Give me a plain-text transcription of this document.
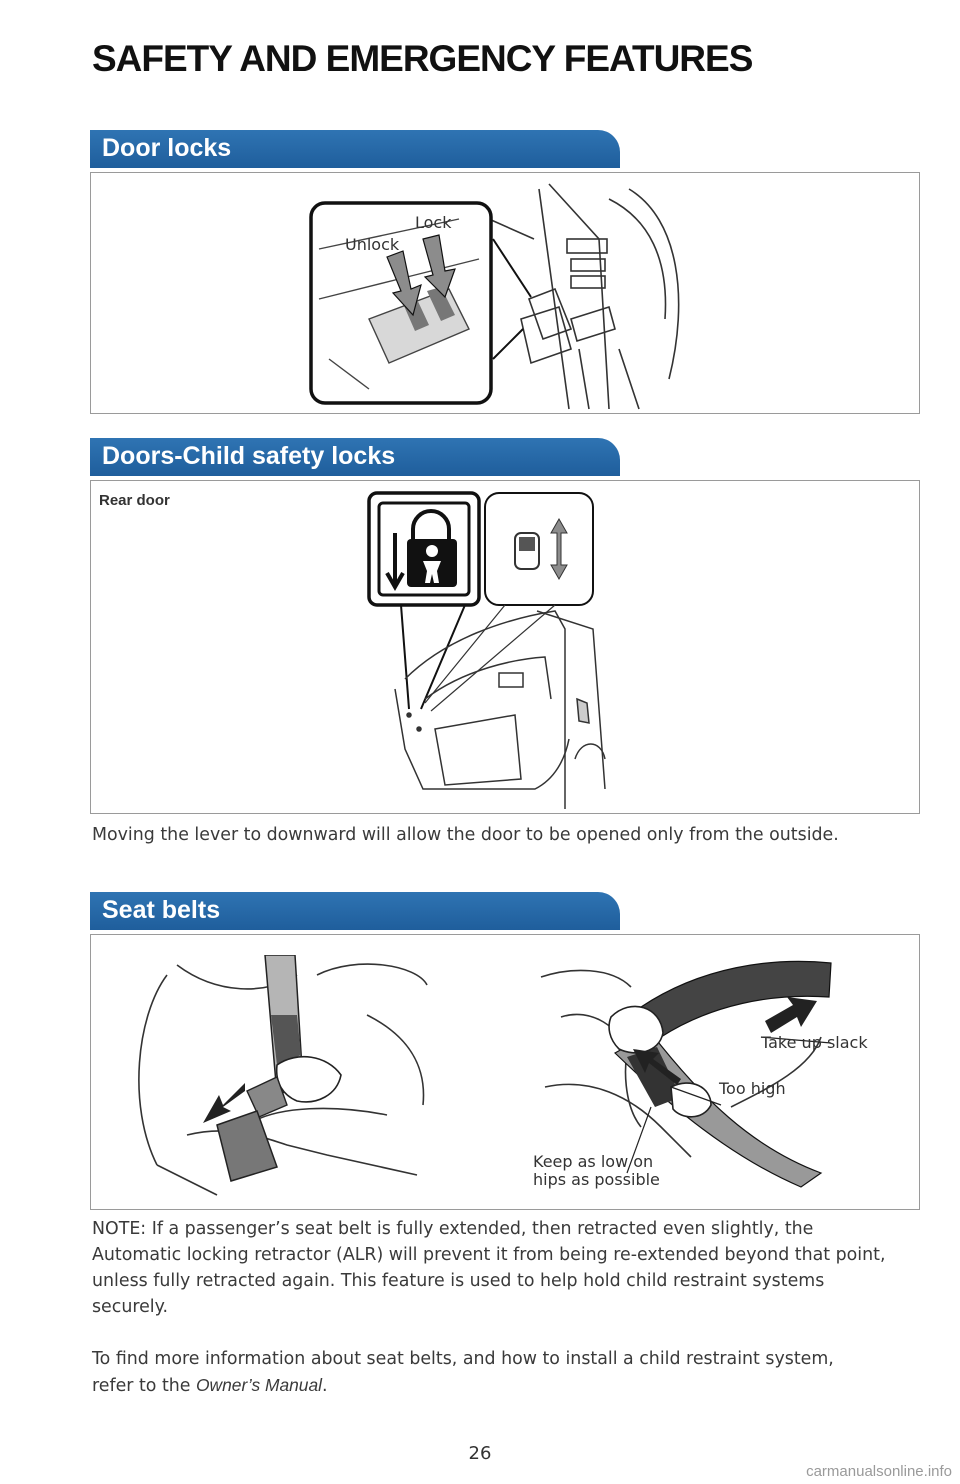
SAFETY AND EMERGENCY FEATURES
Door locks
Lock
Unlock
Doors-Child safety locks
Rear door

Moving the lever to downward will allow the door to be opened only from the outside.

Seat belts
Take up slack
Too high
Keep as low on
hips as possible

NOTE: If a passenger’s seat belt is fully extended, then retracted even slightly, the Automatic locking retractor (ALR) will prevent it from being re-extended beyond that point, unless fully retracted again. This feature is used to help hold child restraint systems securely.

To find more information about seat belts, and how to install a child restraint system, refer to the Owner’s Manual.

26
carmanualsonline.info
